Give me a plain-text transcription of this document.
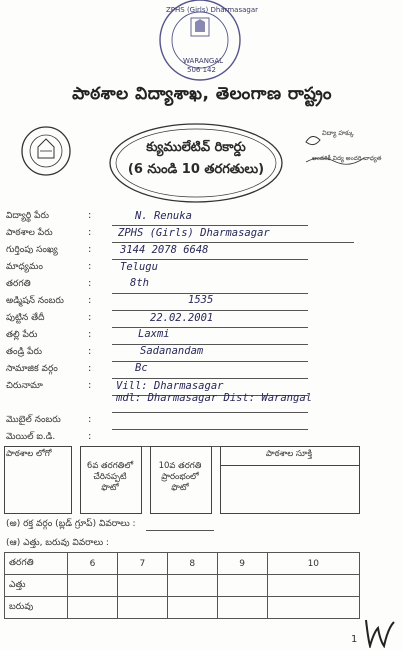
ZPHS (Girls) Dharmasagar
WARANGAL
506 142
పాఠశాల విద్యాశాఖ, తెలంగాణ రాష్ట్రం
క్యుములేటివ్ రికార్డు
(6 నుండి 10 తరగతులు)
విద్యా హక్కు
అందరికీ విద్య అందరి బాధ్యత
విద్యార్థి పేరు	:	N. Renuka
పాఠశాల పేరు	:	ZPHS (Girls) Dharmasagar
గుర్తింపు సంఖ్య	:	3144 2078 6648
మాధ్యమం	:	Telugu
తరగతి	:	8th
అడ్మిషన్ నంబరు :	1535
పుట్టిన తేదీ	:	22.02.2001
తల్లి పేరు	:	Laxmi
తండ్రి పేరు	:	Sadanandam
సామాజిక వర్గం	:	Bc
చిరునామా	: Vill: Dharmasagar
mdl: Dharmasagar Dist: Warangal
మొబైల్ నంబరు	:
మెయిల్ ఐ.డి.	:
పాఠశాల లోగో
6వ తరగతిలో చేరినప్పటి ఫొటో
10వ తరగతి ప్రారంభంలో ఫొటో
పాఠశాల సూక్తి
(అ) రక్త వర్గం (బ్లడ్ గ్రూప్) వివరాలు :
(ఆ) ఎత్తు, బరువు వివరాలు :
తరగతి	6	7	8	9	10
ఎత్తు					
బరువు					
1
